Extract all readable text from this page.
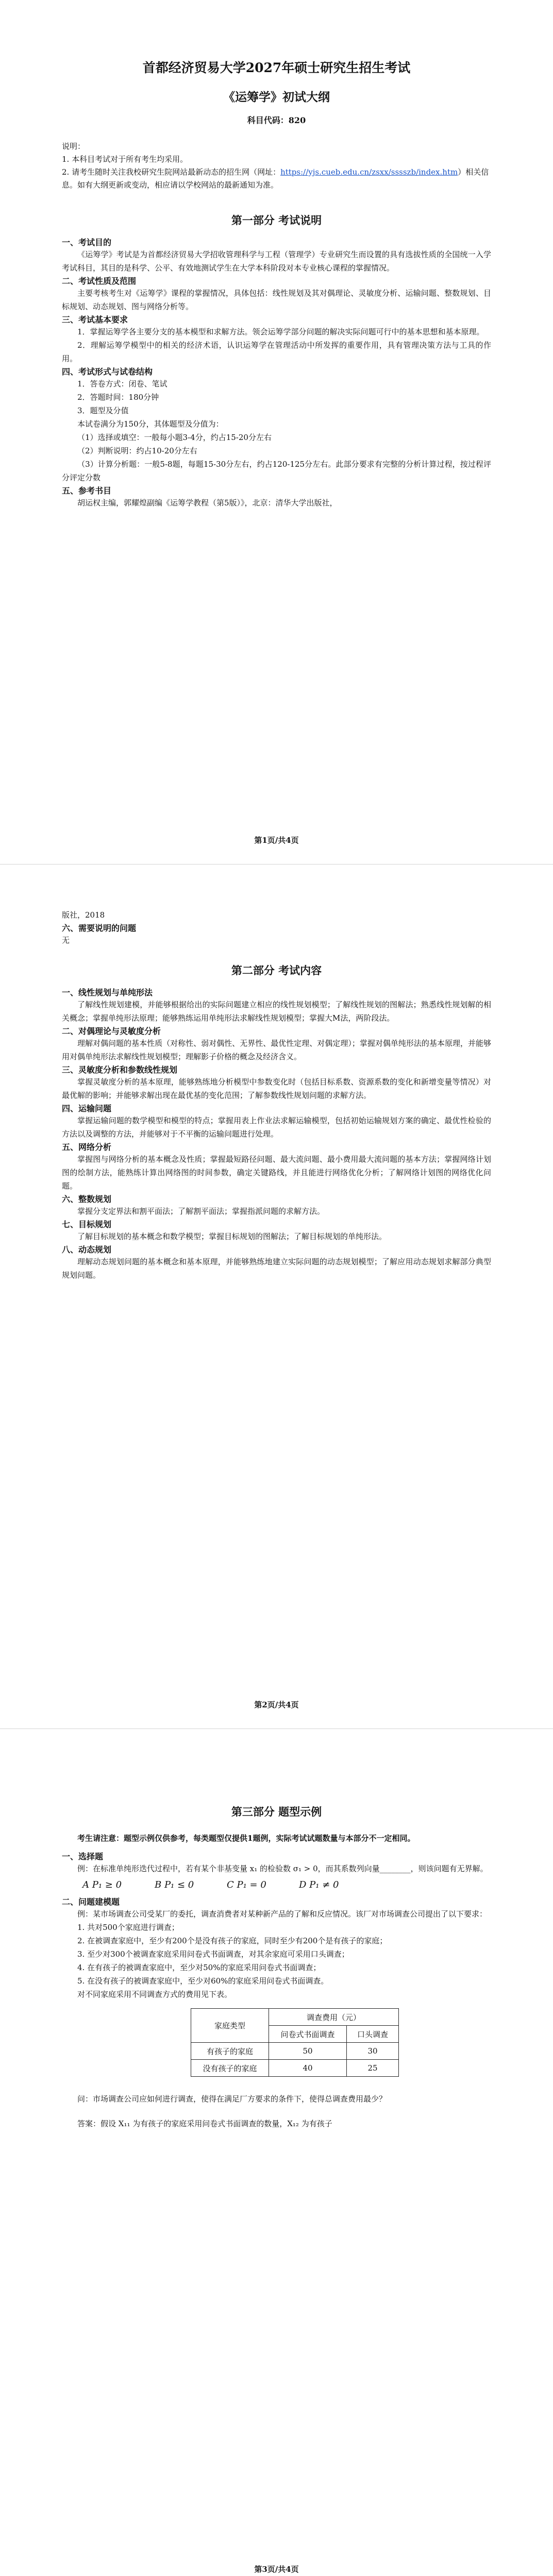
首都经济贸易大学2027年硕士研究生招生考试

《运筹学》初试大纲

科目代码：820

说明：

1. 本科目考试对于所有考生均采用。

2. 请考生随时关注我校研究生院网站最新动态的招生网（网址：https://yjs.cueb.edu.cn/zsxx/sssszb/index.htm）相关信息。如有大纲更新或变动，相应请以学校网站的最新通知为准。

第一部分 考试说明

一、考试目的

《运筹学》考试是为首都经济贸易大学招收管理科学与工程（管理学）专业研究生而设置的具有选拔性质的全国统一入学考试科目，其目的是科学、公平、有效地测试学生在大学本科阶段对本专业核心课程的掌握情况。

二、考试性质及范围

主要考核考生对《运筹学》课程的掌握情况，具体包括：线性规划及其对偶理论、灵敏度分析、运输问题、整数规划、目标规划、动态规划、图与网络分析等。

三、考试基本要求

1．掌握运筹学各主要分支的基本模型和求解方法。领会运筹学部分问题的解决实际问题可行中的基本思想和基本原理。

2．理解运筹学模型中的相关的经济术语，认识运筹学在管理活动中所发挥的重要作用，具有管理决策方法与工具的作用。

四、考试形式与试卷结构

1．答卷方式：闭卷、笔试

2．答题时间：180分钟

3．题型及分值

本试卷满分为150分，其体题型及分值为：

（1）选择或填空：一般每小题3-4分，约占15-20分左右

（2）判断说明：约占10-20分左右

（3）计算分析题：一般5-8题，每题15-30分左右，约占120-125分左右。此部分要求有完整的分析计算过程，按过程评分评定分数

五、参考书目

胡运权主编，郭耀煌副编《运筹学教程（第5版）》，北京：清华大学出版社，

第1页/共4页

版社，2018

六、需要说明的问题

无

第二部分 考试内容

一、线性规划与单纯形法

了解线性规划建模，并能够根据给出的实际问题建立相应的线性规划模型；了解线性规划的图解法；熟悉线性规划解的相关概念；掌握单纯形法原理；能够熟练运用单纯形法求解线性规划模型；掌握大M法，两阶段法。

二、对偶理论与灵敏度分析

理解对偶问题的基本性质（对称性、弱对偶性、无界性、最优性定理、对偶定理）；掌握对偶单纯形法的基本原理，并能够用对偶单纯形法求解线性规划模型；理解影子价格的概念及经济含义。

三、灵敏度分析和参数线性规划

掌握灵敏度分析的基本原理，能够熟练地分析模型中参数变化时（包括目标系数、资源系数的变化和新增变量等情况）对最优解的影响；并能够求解出现在最优基的变化范围；了解参数线性规划问题的求解方法。

四、运输问题

掌握运输问题的数学模型和模型的特点；掌握用表上作业法求解运输模型，包括初始运输规划方案的确定、最优性检验的方法以及调整的方法，并能够对于不平衡的运输问题进行处理。

五、网络分析

掌握图与网络分析的基本概念及性质；掌握最短路径问题、最大流问题、最小费用最大流问题的基本方法；掌握网络计划图的绘制方法，能熟练计算出网络图的时间参数，确定关键路线，并且能进行网络优化分析；了解网络计划图的网络优化问题。

六、整数规划

掌握分支定界法和割平面法；了解割平面法；掌握指派问题的求解方法。

七、目标规划

了解目标规划的基本概念和数学模型；掌握目标规划的图解法；了解目标规划的单纯形法。

八、动态规划

理解动态规划问题的基本概念和基本原理，并能够熟练地建立实际问题的动态规划模型；了解应用动态规划求解部分典型规划问题。

第2页/共4页

第三部分 题型示例

考生请注意：题型示例仅供参考，每类题型仅提供1题例，实际考试试题数量与本部分不一定相同。

一、选择题

例：在标准单纯形迭代过程中，若有某个非基变量 x₁ 的检验数 σ₁ > 0，而其系数列向量________，则该问题有无界解。

A P₁ ≥ 0	B P₁ ≤ 0	C P₁ = 0	D P₁ ≠ 0

二、问题建模题

例：某市场调查公司受某厂的委托，调查消费者对某种新产品的了解和反应情况。该厂对市场调查公司提出了以下要求：

1. 共对500个家庭进行调查；

2. 在被调查家庭中，至少有200个是没有孩子的家庭，同时至少有200个是有孩子的家庭；

3. 至少对300个被调查家庭采用问卷式书面调查，对其余家庭可采用口头调查；

4. 在有孩子的被调查家庭中，至少对50%的家庭采用问卷式书面调查；

5. 在没有孩子的被调查家庭中，至少对60%的家庭采用问卷式书面调查。

对不同家庭采用不同调查方式的费用见下表。

家庭类型	调查费用（元）	
	问卷式书面调查	口头调查
有孩子的家庭	50	30
没有孩子的家庭	40	25

问：市场调查公司应如何进行调查，使得在满足厂方要求的条件下，使得总调查费用最少？

答案：假设 X₁₁ 为有孩子的家庭采用问卷式书面调查的数量，X₁₂ 为有孩子

第3页/共4页
